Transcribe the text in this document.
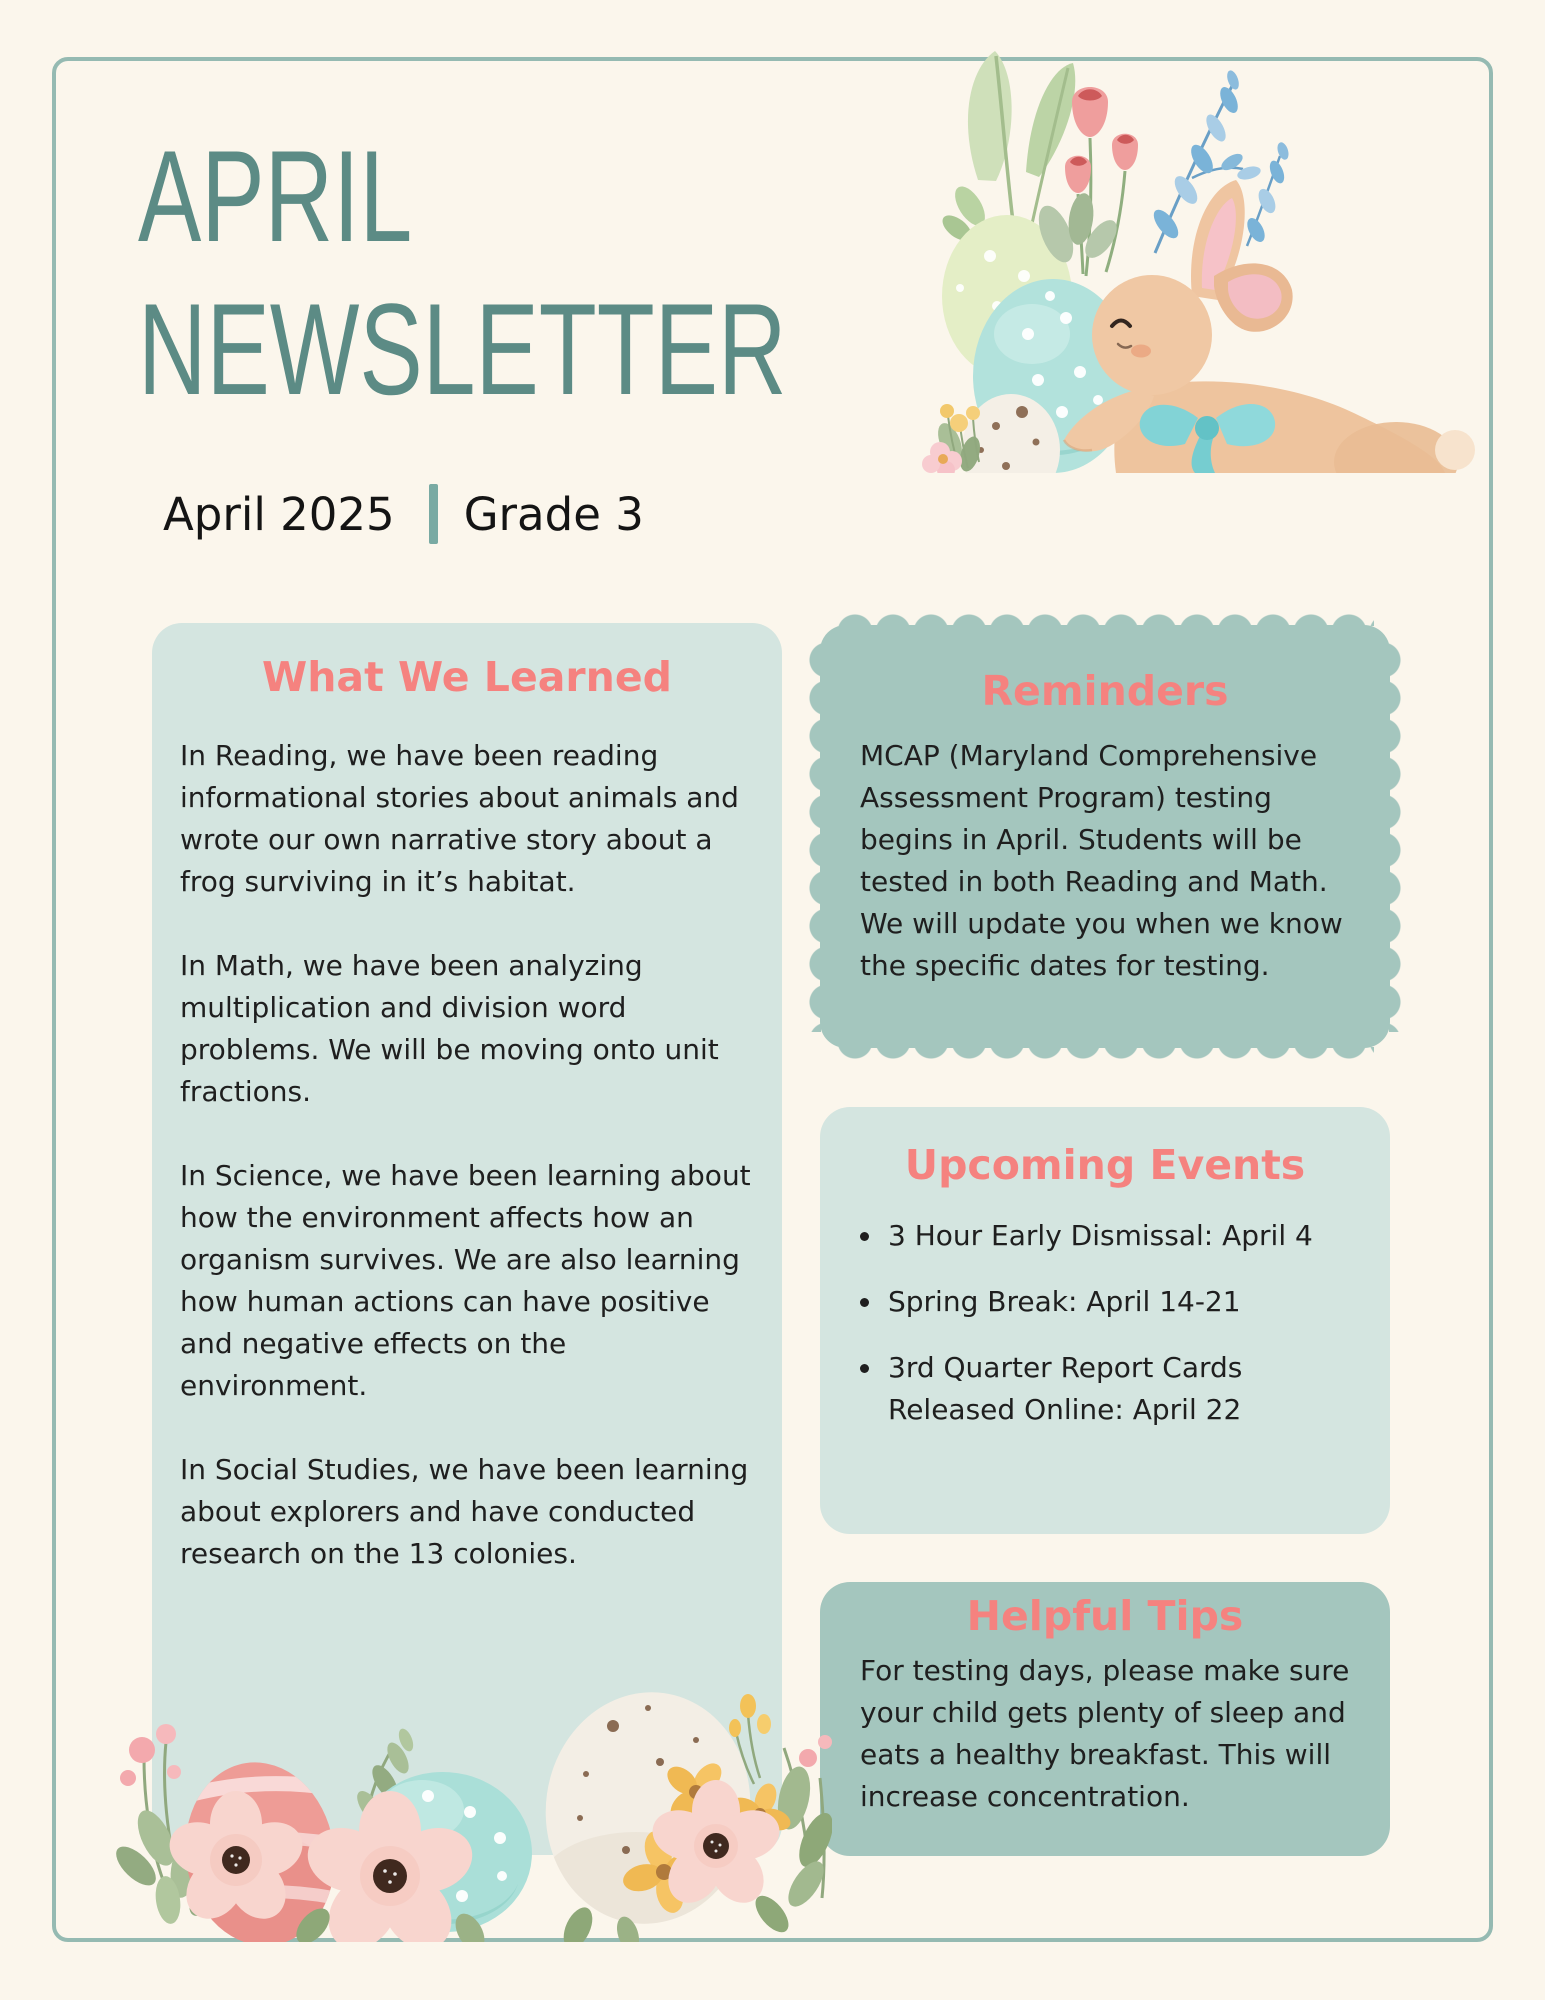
APRIL
NEWSLETTER
April 2025 Grade 3
What We Learned

In Reading, we have been reading informational stories about animals and wrote our own narrative story about a frog surviving in it’s habitat.

In Math, we have been analyzing multiplication and division word problems. We will be moving onto unit fractions.

In Science, we have been learning about how the environment affects how an organism survives. We are also learning how human actions can have positive and negative effects on the environment.

In Social Studies, we have been learning about explorers and have conducted research on the 13 colonies.

Reminders

MCAP (Maryland Comprehensive Assessment Program) testing begins in April. Students will be tested in both Reading and Math. We will update you when we know the specific dates for testing.

Upcoming Events
• 3 Hour Early Dismissal: April 4
• Spring Break: April 14-21
• 3rd Quarter Report Cards Released Online: April 22
Helpful Tips

For testing days, please make sure your child gets plenty of sleep and eats a healthy breakfast. This will increase concentration.
